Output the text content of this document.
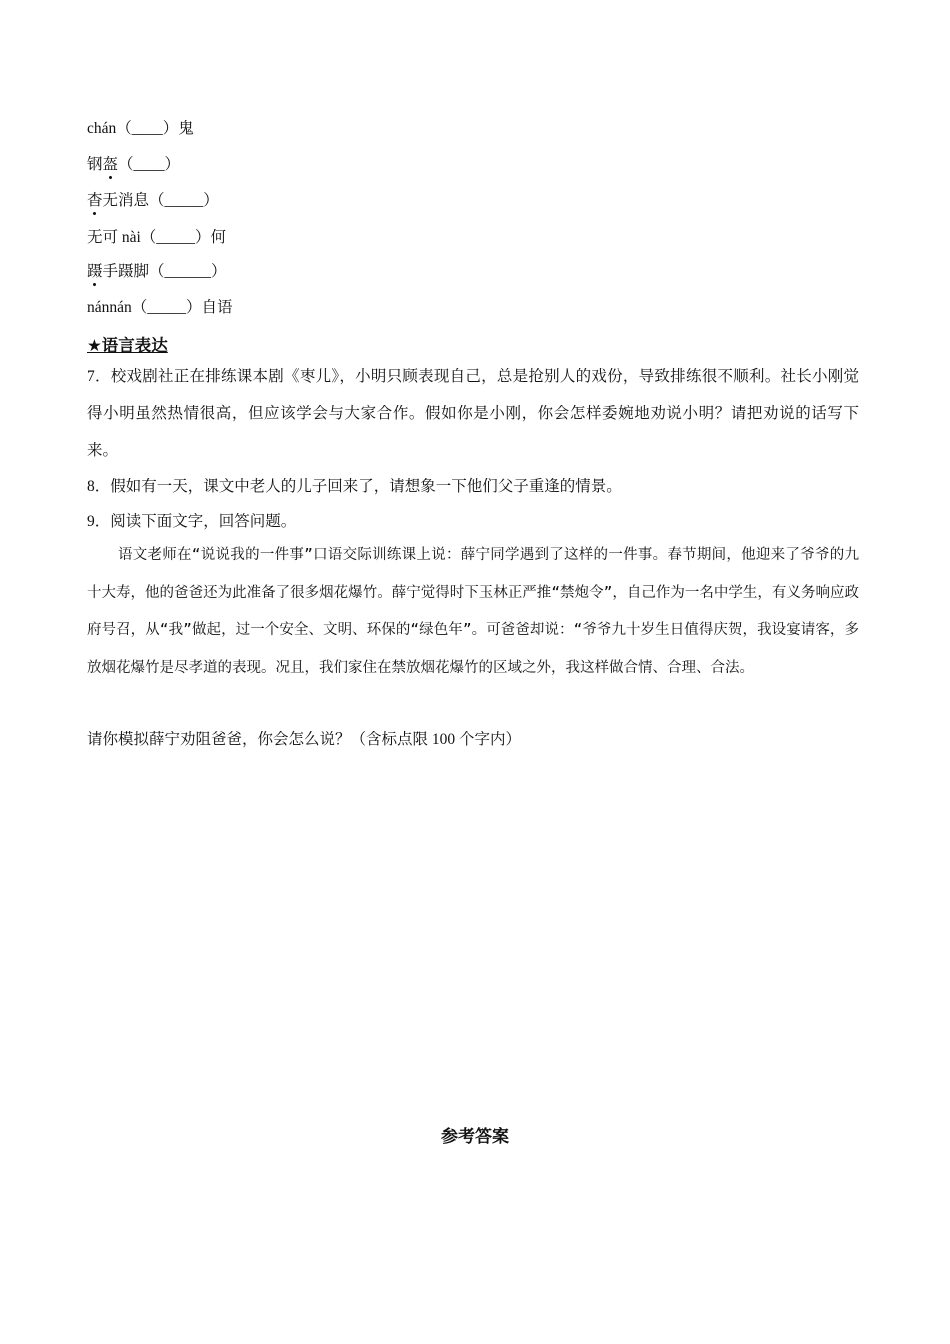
chán（____）鬼
钢盔（____）
杳无消息（_____）
无可 nài（_____）何
蹑手蹑脚（______）
nánnán（_____）自语
★语言表达
7．校戏剧社正在排练课本剧《枣儿》，小明只顾表现自己，总是抢别人的戏份，导致排练很不顺利。社长小刚觉得小明虽然热情很高，但应该学会与大家合作。假如你是小刚，你会怎样委婉地劝说小明？请把劝说的话写下来。
8．假如有一天，课文中老人的儿子回来了，请想象一下他们父子重逢的情景。
9．阅读下面文字，回答问题。
语文老师在“说说我的一件事”口语交际训练课上说：薛宁同学遇到了这样的一件事。春节期间，他迎来了爷爷的九十大寿，他的爸爸还为此准备了很多烟花爆竹。薛宁觉得时下玉林正严推“禁炮令”，自己作为一名中学生，有义务响应政府号召，从“我”做起，过一个安全、文明、环保的“绿色年”。可爸爸却说：“爷爷九十岁生日值得庆贺，我设宴请客，多放烟花爆竹是尽孝道的表现。况且，我们家住在禁放烟花爆竹的区域之外，我这样做合情、合理、合法。
请你模拟薛宁劝阻爸爸，你会怎么说？（含标点限 100 个字内）
参考答案
